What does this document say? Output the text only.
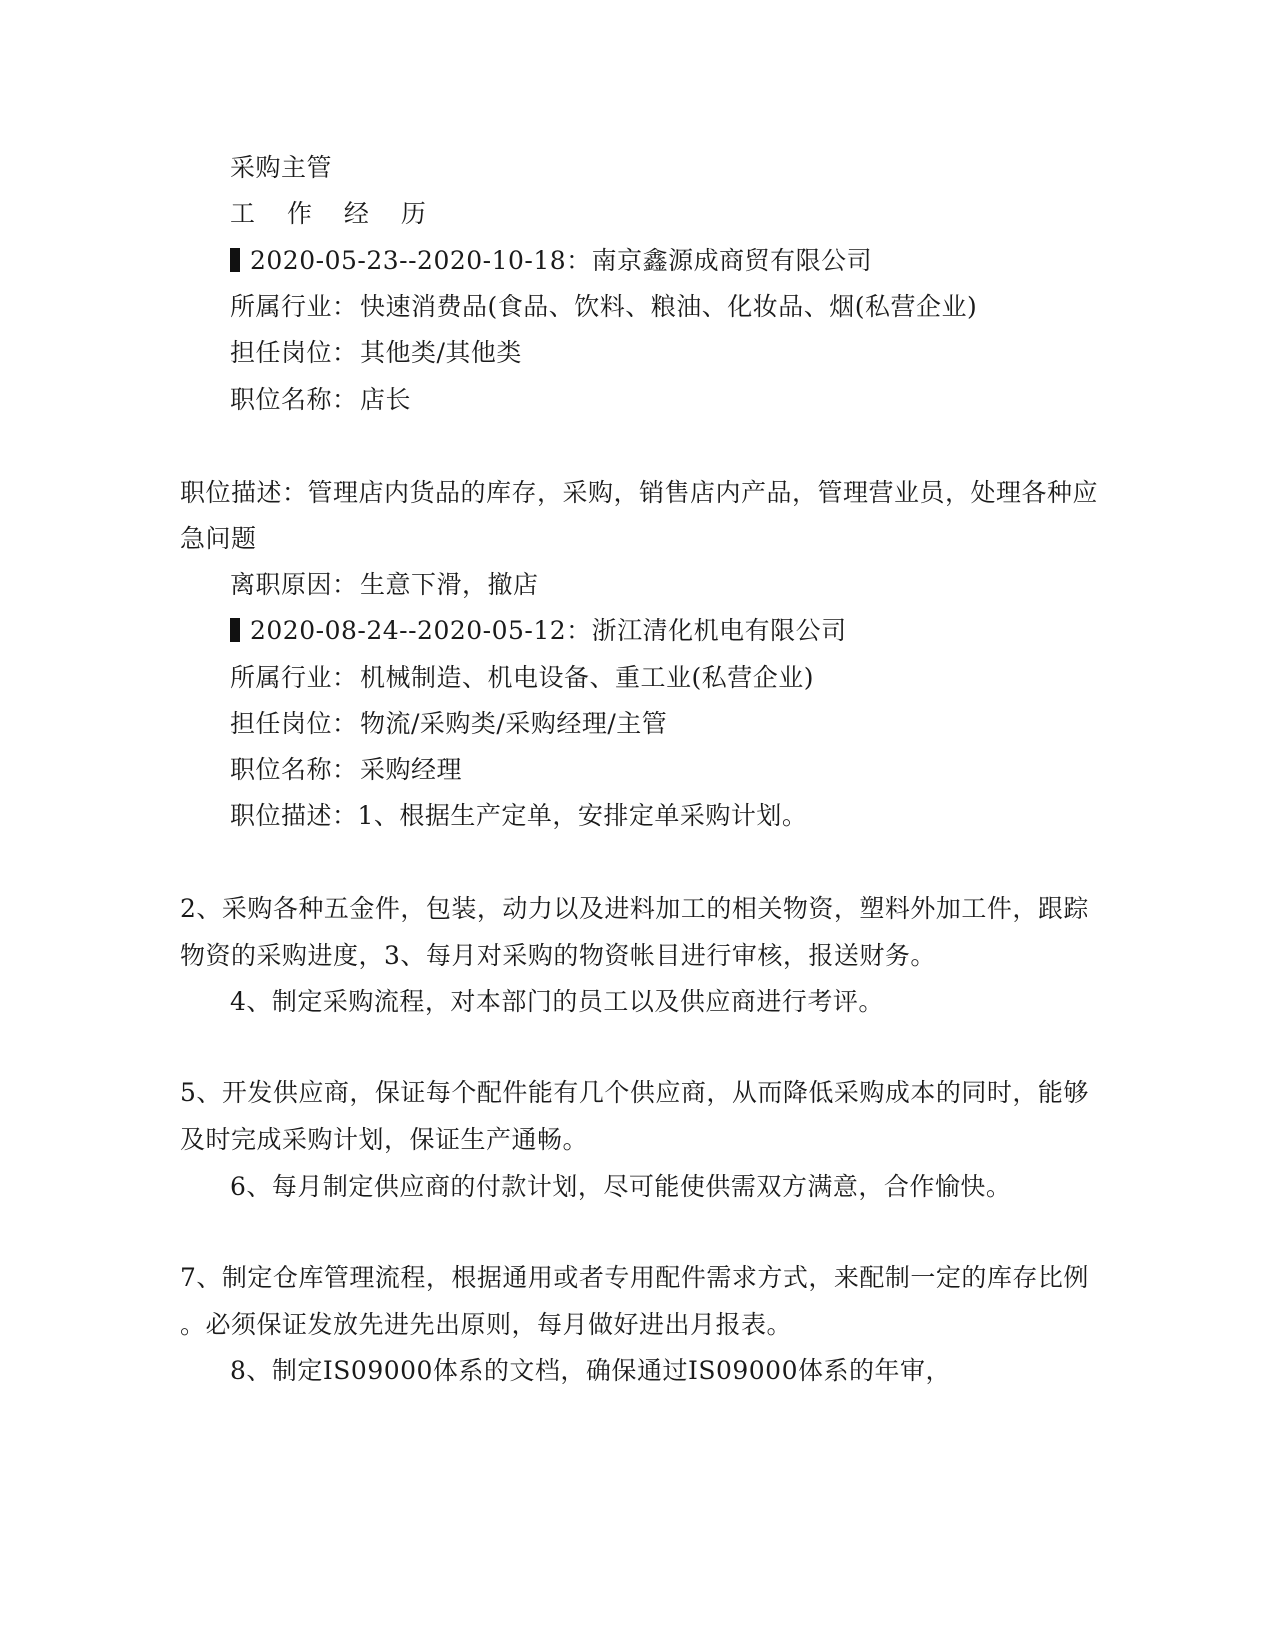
采购主管
工 作 经 历
2020-05-23--2020-10-18：南京鑫源成商贸有限公司
所属行业：快速消费品(食品、饮料、粮油、化妆品、烟(私营企业)
担任岗位：其他类/其他类
职位名称：店长
职位描述：管理店内货品的库存，采购，销售店内产品，管理营业员，处理各种应
急问题
离职原因：生意下滑，撤店
2020-08-24--2020-05-12：浙江清化机电有限公司
所属行业：机械制造、机电设备、重工业(私营企业)
担任岗位：物流/采购类/采购经理/主管
职位名称：采购经理
职位描述：1、根据生产定单，安排定单采购计划。
2、采购各种五金件，包装，动力以及进料加工的相关物资，塑料外加工件，跟踪
物资的采购进度，3、每月对采购的物资帐目进行审核，报送财务。
4、制定采购流程，对本部门的员工以及供应商进行考评。
5、开发供应商，保证每个配件能有几个供应商，从而降低采购成本的同时，能够
及时完成采购计划，保证生产通畅。
6、每月制定供应商的付款计划，尽可能使供需双方满意，合作愉快。
7、制定仓库管理流程，根据通用或者专用配件需求方式，来配制一定的库存比例
。必须保证发放先进先出原则，每月做好进出月报表。
8、制定IS09000体系的文档，确保通过IS09000体系的年审，
